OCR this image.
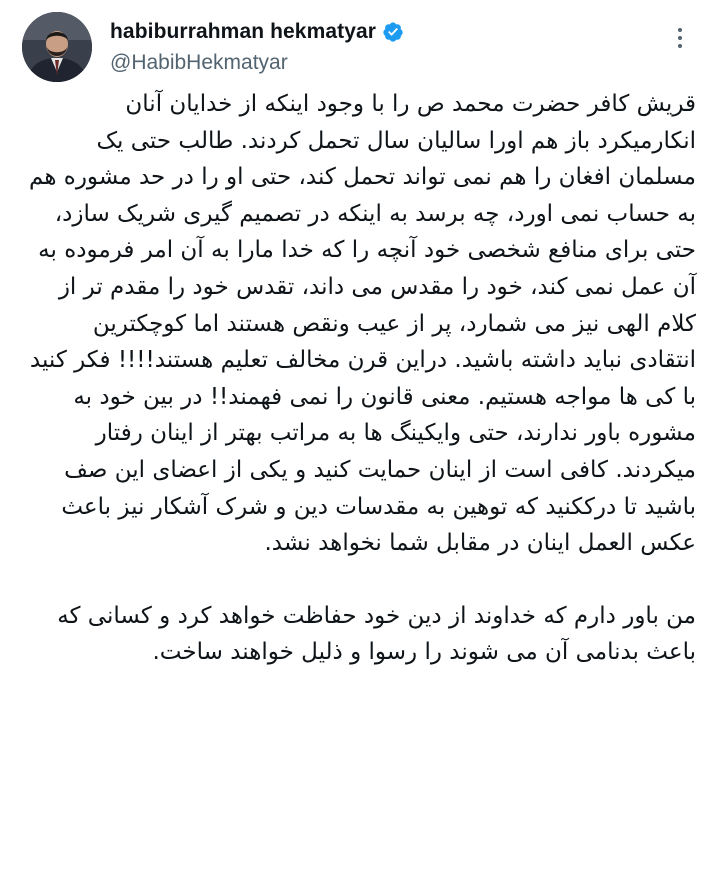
habiburrahman hekmatyar
@HabibHekmatyar

قریش کافر حضرت محمد ص را با وجود اینکه از خدایان آنان انکارمیکرد باز هم اورا سالیان سال تحمل کردند. طالب حتی یک مسلمان افغان را هم نمی تواند تحمل کند، حتی او را در حد مشوره هم به حساب نمی اورد، چه برسد به اینکه در تصمیم گیری شریک سازد، حتی برای منافع شخصی خود آنچه را که خدا مارا به آن امر فرموده به آن عمل نمی کند، خود را مقدس می داند، تقدس خود را مقدم تر از کلام الهی نیز می شمارد، پر از عیب ونقص هستند اما کوچکترین انتقادی نباید داشته باشید. دراین قرن مخالف تعلیم هستند!!!! فکر کنید با کی ها مواجه هستیم. معنی قانون را نمی فهمند!! در بین خود به مشوره باور ندارند، حتی وایکینگ ها به مراتب بهتر از اینان رفتار میکردند. کافی است از اینان حمایت کنید و یکی از اعضای این صف باشید تا درککنید که توهین به مقدسات دین و شرک آشکار نیز باعث عکس العمل اینان در مقابل شما نخواهد نشد.

من باور دارم که خداوند از دین خود حفاظت خواهد کرد و کسانی که باعث بدنامی آن می شوند را رسوا و ذلیل خواهند ساخت.
